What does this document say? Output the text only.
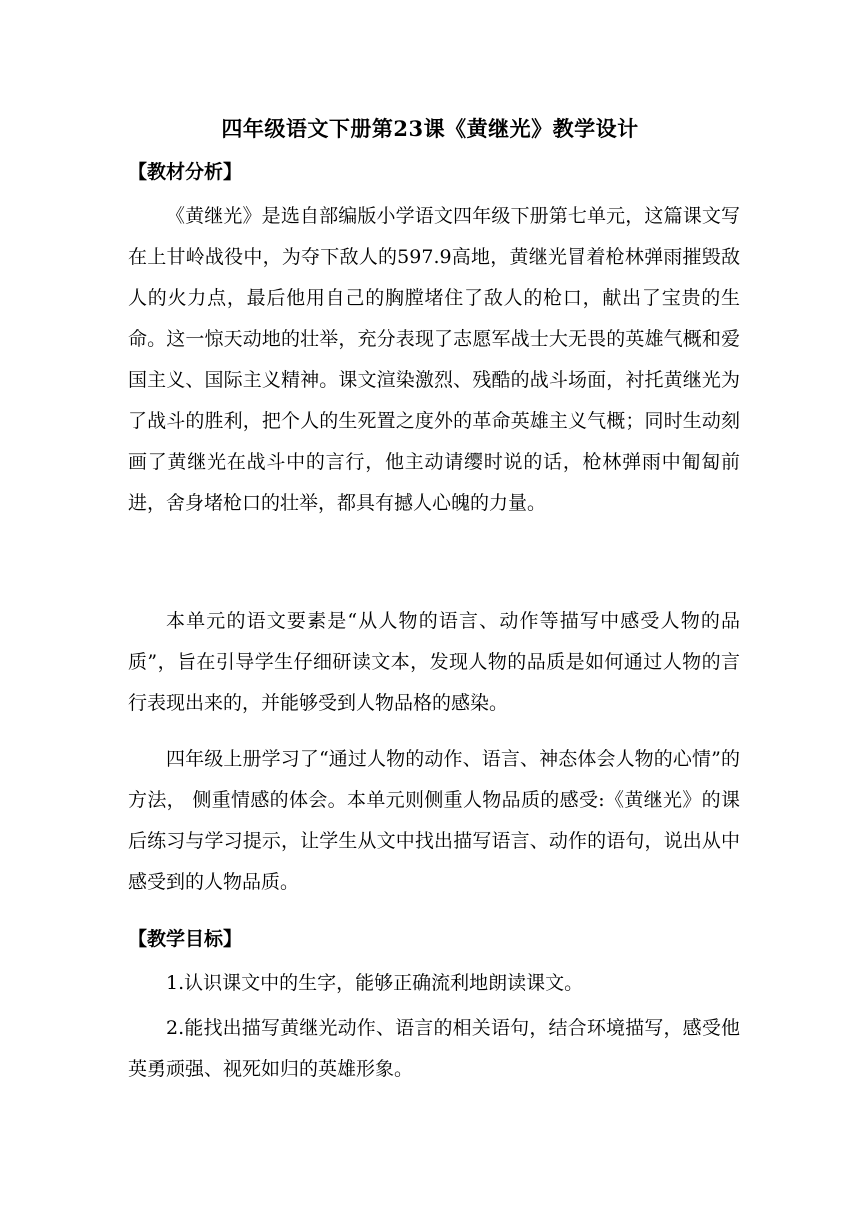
四年级语文下册第23课《黄继光》教学设计
【教材分析】

《黄继光》是选自部编版小学语文四年级下册第七单元，这篇课文写在上甘岭战役中，为夺下敌人的597.9高地，黄继光冒着枪林弹雨摧毁敌人的火力点，最后他用自己的胸膛堵住了敌人的枪口，献出了宝贵的生命。这一惊天动地的壮举，充分表现了志愿军战士大无畏的英雄气概和爱国主义、国际主义精神。课文渲染激烈、残酷的战斗场面，衬托黄继光为了战斗的胜利，把个人的生死置之度外的革命英雄主义气概；同时生动刻画了黄继光在战斗中的言行，他主动请缨时说的话，枪林弹雨中匍匐前进，舍身堵枪口的壮举，都具有撼人心魄的力量。

本单元的语文要素是“从人物的语言、动作等描写中感受人物的品质”，旨在引导学生仔细研读文本，发现人物的品质是如何通过人物的言行表现出来的，并能够受到人物品格的感染。

四年级上册学习了“通过人物的动作、语言、神态体会人物的心情”的方法， 侧重情感的体会。本单元则侧重人物品质的感受:《黄继光》的课后练习与学习提示，让学生从文中找出描写语言、动作的语句，说出从中感受到的人物品质。

【教学目标】

1.认识课文中的生字，能够正确流利地朗读课文。

2.能找出描写黄继光动作、语言的相关语句，结合环境描写，感受他英勇顽强、视死如归的英雄形象。
